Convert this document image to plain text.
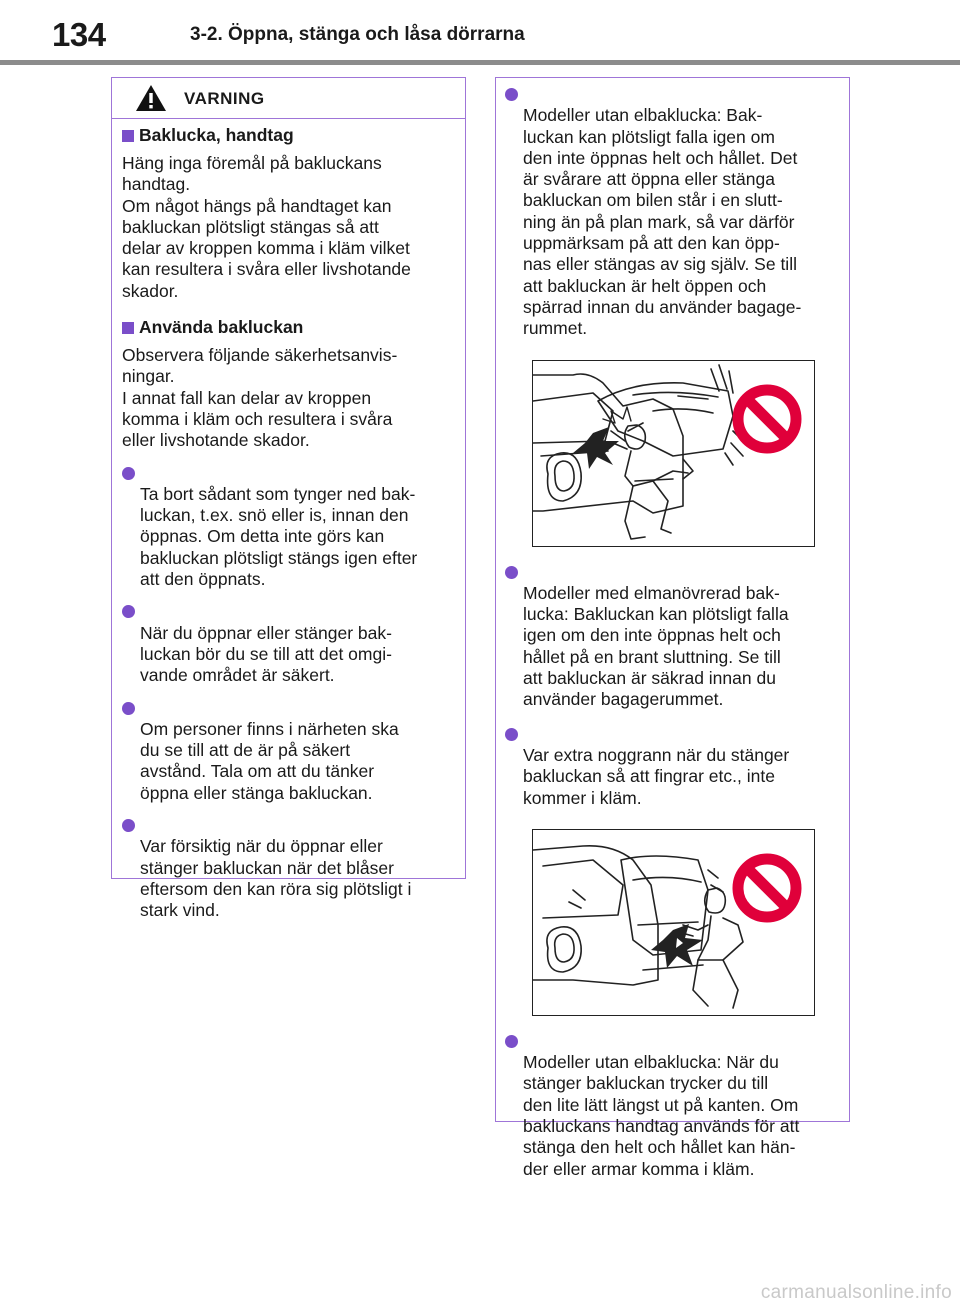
134	3-2. Öppna, stänga och låsa dörrarna
VARNING
Baklucka, handtag
Häng inga föremål på bakluckans
handtag.
Om något hängs på handtaget kan
bakluckan plötsligt stängas så att
delar av kroppen komma i kläm vilket
kan resultera i svåra eller livshotande
skador.
Använda bakluckan
Observera följande säkerhetsanvis-
ningar.
I annat fall kan delar av kroppen
komma i kläm och resultera i svåra
eller livshotande skador.

Ta bort sådant som tynger ned bak-
luckan, t.ex. snö eller is, innan den
öppnas. Om detta inte görs kan
bakluckan plötsligt stängs igen efter
att den öppnats.

När du öppnar eller stänger bak-
luckan bör du se till att det omgi-
vande området är säkert.

Om personer finns i närheten ska
du se till att de är på säkert
avstånd. Tala om att du tänker
öppna eller stänga bakluckan.

Var försiktig när du öppnar eller
stänger bakluckan när det blåser
eftersom den kan röra sig plötsligt i
stark vind.

Modeller utan elbaklucka: Bak-
luckan kan plötsligt falla igen om
den inte öppnas helt och hållet. Det
är svårare att öppna eller stänga
bakluckan om bilen står i en slutt-
ning än på plan mark, så var därför
uppmärksam på att den kan öpp-
nas eller stängas av sig själv. Se till
att bakluckan är helt öppen och
spärrad innan du använder bagage-
rummet.

Modeller med elmanövrerad bak-
lucka: Bakluckan kan plötsligt falla
igen om den inte öppnas helt och
hållet på en brant sluttning. Se till
att bakluckan är säkrad innan du
använder bagagerummet.

Var extra noggrann när du stänger
bakluckan så att fingrar etc., inte
kommer i kläm.

Modeller utan elbaklucka: När du
stänger bakluckan trycker du till
den lite lätt längst ut på kanten. Om
bakluckans handtag används för att
stänga den helt och hållet kan hän-
der eller armar komma i kläm.

carmanualsonline.info
